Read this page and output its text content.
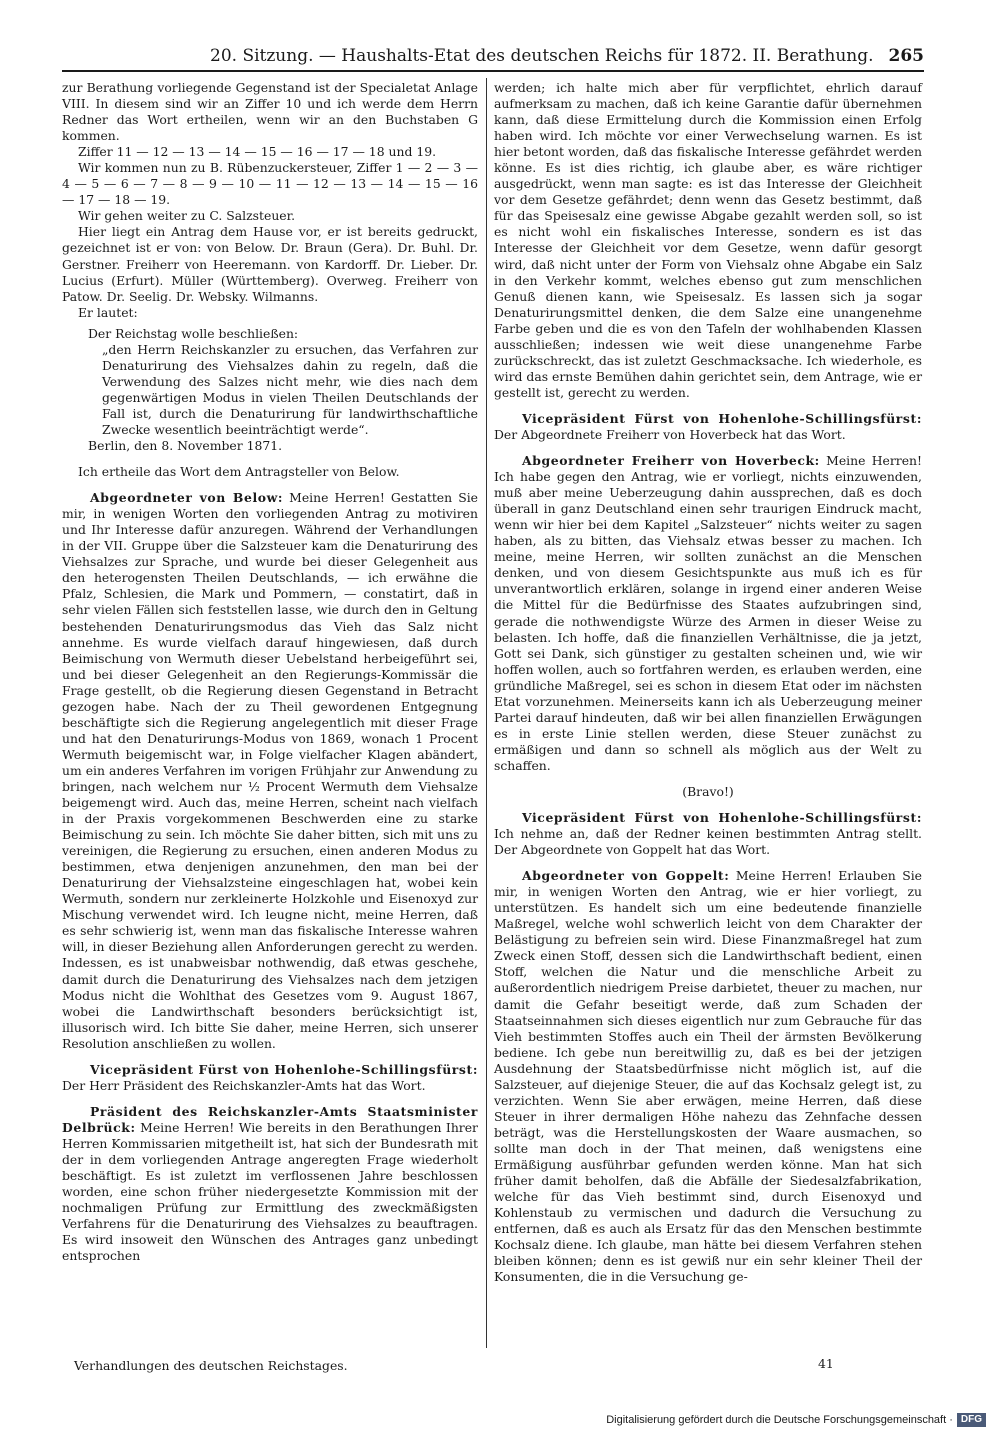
20. Sitzung. — Haushalts-Etat des deutschen Reichs für 1872. II. Berathung. 265

zur Berathung vorliegende Gegenstand ist der Specialetat Anlage VIII. In diesem sind wir an Ziffer 10 und ich werde dem Herrn Redner das Wort ertheilen, wenn wir an den Buchstaben G kommen.

Ziffer 11 — 12 — 13 — 14 — 15 — 16 — 17 — 18 und 19.

Wir kommen nun zu B. Rübenzuckersteuer, Ziffer 1 — 2 — 3 — 4 — 5 — 6 — 7 — 8 — 9 — 10 — 11 — 12 — 13 — 14 — 15 — 16 — 17 — 18 — 19.

Wir gehen weiter zu C. Salzsteuer.

Hier liegt ein Antrag dem Hause vor, er ist bereits gedruckt, gezeichnet ist er von: von Below. Dr. Braun (Gera). Dr. Buhl. Dr. Gerstner. Freiherr von Heeremann. von Kardorff. Dr. Lieber. Dr. Lucius (Erfurt). Müller (Württemberg). Overweg. Freiherr von Patow. Dr. Seelig. Dr. Websky. Wilmanns.

Er lautet:

Der Reichstag wolle beschließen:

„den Herrn Reichskanzler zu ersuchen, das Verfahren zur Denaturirung des Viehsalzes dahin zu regeln, daß die Verwendung des Salzes nicht mehr, wie dies nach dem gegenwärtigen Modus in vielen Theilen Deutschlands der Fall ist, durch die Denaturirung für landwirthschaftliche Zwecke wesentlich beeinträchtigt werde“.

Berlin, den 8. November 1871.

Ich ertheile das Wort dem Antragsteller von Below.

Abgeordneter von Below: Meine Herren! Gestatten Sie mir, in wenigen Worten den vorliegenden Antrag zu motiviren und Ihr Interesse dafür anzuregen. Während der Verhandlungen in der VII. Gruppe über die Salzsteuer kam die Denaturirung des Viehsalzes zur Sprache, und wurde bei dieser Gelegenheit aus den heterogensten Theilen Deutschlands, — ich erwähne die Pfalz, Schlesien, die Mark und Pommern, — constatirt, daß in sehr vielen Fällen sich feststellen lasse, wie durch den in Geltung bestehenden Denaturirungsmodus das Vieh das Salz nicht annehme. Es wurde vielfach darauf hingewiesen, daß durch Beimischung von Wermuth dieser Uebelstand herbeigeführt sei, und bei dieser Gelegenheit an den Regierungs-Kommissär die Frage gestellt, ob die Regierung diesen Gegenstand in Betracht gezogen habe. Nach der zu Theil gewordenen Entgegnung beschäftigte sich die Regierung angelegentlich mit dieser Frage und hat den Denaturirungs-Modus von 1869, wonach 1 Procent Wermuth beigemischt war, in Folge vielfacher Klagen abändert, um ein anderes Verfahren im vorigen Frühjahr zur Anwendung zu bringen, nach welchem nur ½ Procent Wermuth dem Viehsalze beigemengt wird. Auch das, meine Herren, scheint nach vielfach in der Praxis vorgekommenen Beschwerden eine zu starke Beimischung zu sein. Ich möchte Sie daher bitten, sich mit uns zu vereinigen, die Regierung zu ersuchen, einen anderen Modus zu bestimmen, etwa denjenigen anzunehmen, den man bei der Denaturirung der Viehsalzsteine eingeschlagen hat, wobei kein Wermuth, sondern nur zerkleinerte Holzkohle und Eisenoxyd zur Mischung verwendet wird. Ich leugne nicht, meine Herren, daß es sehr schwierig ist, wenn man das fiskalische Interesse wahren will, in dieser Beziehung allen Anforderungen gerecht zu werden. Indessen, es ist unabweisbar nothwendig, daß etwas geschehe, damit durch die Denaturirung des Viehsalzes nach dem jetzigen Modus nicht die Wohlthat des Gesetzes vom 9. August 1867, wobei die Landwirthschaft besonders berücksichtigt ist, illusorisch wird. Ich bitte Sie daher, meine Herren, sich unserer Resolution anschließen zu wollen.

Vicepräsident Fürst von Hohenlohe-Schillingsfürst: Der Herr Präsident des Reichskanzler-Amts hat das Wort.

Präsident des Reichskanzler-Amts Staatsminister Delbrück: Meine Herren! Wie bereits in den Berathungen Ihrer Herren Kommissarien mitgetheilt ist, hat sich der Bundesrath mit der in dem vorliegenden Antrage angeregten Frage wiederholt beschäftigt. Es ist zuletzt im verflossenen Jahre beschlossen worden, eine schon früher niedergesetzte Kommission mit der nochmaligen Prüfung zur Ermittlung des zweckmäßigsten Verfahrens für die Denaturirung des Viehsalzes zu beauftragen. Es wird insoweit den Wünschen des Antrages ganz unbedingt entsprochen

werden; ich halte mich aber für verpflichtet, ehrlich darauf aufmerksam zu machen, daß ich keine Garantie dafür übernehmen kann, daß diese Ermittelung durch die Kommission einen Erfolg haben wird. Ich möchte vor einer Verwechselung warnen. Es ist hier betont worden, daß das fiskalische Interesse gefährdet werden könne. Es ist dies richtig, ich glaube aber, es wäre richtiger ausgedrückt, wenn man sagte: es ist das Interesse der Gleichheit vor dem Gesetze gefährdet; denn wenn das Gesetz bestimmt, daß für das Speisesalz eine gewisse Abgabe gezahlt werden soll, so ist es nicht wohl ein fiskalisches Interesse, sondern es ist das Interesse der Gleichheit vor dem Gesetze, wenn dafür gesorgt wird, daß nicht unter der Form von Viehsalz ohne Abgabe ein Salz in den Verkehr kommt, welches ebenso gut zum menschlichen Genuß dienen kann, wie Speisesalz. Es lassen sich ja sogar Denaturirungsmittel denken, die dem Salze eine unangenehme Farbe geben und die es von den Tafeln der wohlhabenden Klassen ausschließen; indessen wie weit diese unangenehme Farbe zurückschreckt, das ist zuletzt Geschmacksache. Ich wiederhole, es wird das ernste Bemühen dahin gerichtet sein, dem Antrage, wie er gestellt ist, gerecht zu werden.

Vicepräsident Fürst von Hohenlohe-Schillingsfürst: Der Abgeordnete Freiherr von Hoverbeck hat das Wort.

Abgeordneter Freiherr von Hoverbeck: Meine Herren! Ich habe gegen den Antrag, wie er vorliegt, nichts einzuwenden, muß aber meine Ueberzeugung dahin aussprechen, daß es doch überall in ganz Deutschland einen sehr traurigen Eindruck macht, wenn wir hier bei dem Kapitel „Salzsteuer“ nichts weiter zu sagen haben, als zu bitten, das Viehsalz etwas besser zu machen. Ich meine, meine Herren, wir sollten zunächst an die Menschen denken, und von diesem Gesichtspunkte aus muß ich es für unverantwortlich erklären, solange in irgend einer anderen Weise die Mittel für die Bedürfnisse des Staates aufzubringen sind, gerade die nothwendigste Würze des Armen in dieser Weise zu belasten. Ich hoffe, daß die finanziellen Verhältnisse, die ja jetzt, Gott sei Dank, sich günstiger zu gestalten scheinen und, wie wir hoffen wollen, auch so fortfahren werden, es erlauben werden, eine gründliche Maßregel, sei es schon in diesem Etat oder im nächsten Etat vorzunehmen. Meinerseits kann ich als Ueberzeugung meiner Partei darauf hindeuten, daß wir bei allen finanziellen Erwägungen es in erste Linie stellen werden, diese Steuer zunächst zu ermäßigen und dann so schnell als möglich aus der Welt zu schaffen.

(Bravo!)

Vicepräsident Fürst von Hohenlohe-Schillingsfürst: Ich nehme an, daß der Redner keinen bestimmten Antrag stellt. Der Abgeordnete von Goppelt hat das Wort.

Abgeordneter von Goppelt: Meine Herren! Erlauben Sie mir, in wenigen Worten den Antrag, wie er hier vorliegt, zu unterstützen. Es handelt sich um eine bedeutende finanzielle Maßregel, welche wohl schwerlich leicht von dem Charakter der Belästigung zu befreien sein wird. Diese Finanzmaßregel hat zum Zweck einen Stoff, dessen sich die Landwirthschaft bedient, einen Stoff, welchen die Natur und die menschliche Arbeit zu außerordentlich niedrigem Preise darbietet, theuer zu machen, nur damit die Gefahr beseitigt werde, daß zum Schaden der Staatseinnahmen sich dieses eigentlich nur zum Gebrauche für das Vieh bestimmten Stoffes auch ein Theil der ärmsten Bevölkerung bediene. Ich gebe nun bereitwillig zu, daß es bei der jetzigen Ausdehnung der Staatsbedürfnisse nicht möglich ist, auf die Salzsteuer, auf diejenige Steuer, die auf das Kochsalz gelegt ist, zu verzichten. Wenn Sie aber erwägen, meine Herren, daß diese Steuer in ihrer dermaligen Höhe nahezu das Zehnfache dessen beträgt, was die Herstellungskosten der Waare ausmachen, so sollte man doch in der That meinen, daß wenigstens eine Ermäßigung ausführbar gefunden werden könne. Man hat sich früher damit beholfen, daß die Abfälle der Siedesalzfabrikation, welche für das Vieh bestimmt sind, durch Eisenoxyd und Kohlenstaub zu vermischen und dadurch die Versuchung zu entfernen, daß es auch als Ersatz für das den Menschen bestimmte Kochsalz diene. Ich glaube, man hätte bei diesem Verfahren stehen bleiben können; denn es ist gewiß nur ein sehr kleiner Theil der Konsumenten, die in die Versuchung ge-

Verhandlungen des deutschen Reichstages.	41
Digitalisierung gefördert durch die Deutsche Forschungsgemeinschaft · DFG
